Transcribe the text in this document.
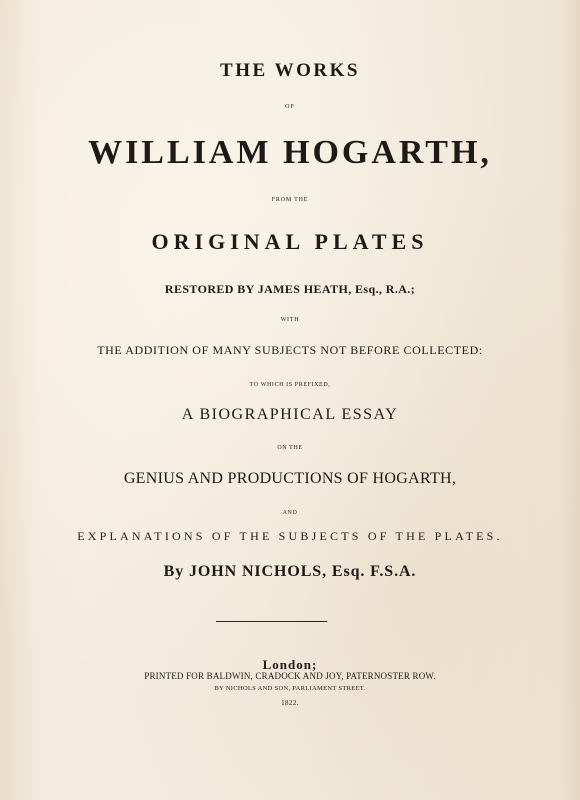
THE WORKS
OF
WILLIAM HOGARTH,
FROM THE
ORIGINAL PLATES
RESTORED BY JAMES HEATH, Esq., R.A.;
WITH
THE ADDITION OF MANY SUBJECTS NOT BEFORE COLLECTED:
TO WHICH IS PREFIXED,
A BIOGRAPHICAL ESSAY
ON THE
GENIUS AND PRODUCTIONS OF HOGARTH,
AND
EXPLANATIONS OF THE SUBJECTS OF THE PLATES.
By JOHN NICHOLS, Esq. F.S.A.
London;
PRINTED FOR BALDWIN, CRADOCK AND JOY, PATERNOSTER ROW.
BY NICHOLS AND SON, PARLIAMENT STREET.
1822.
